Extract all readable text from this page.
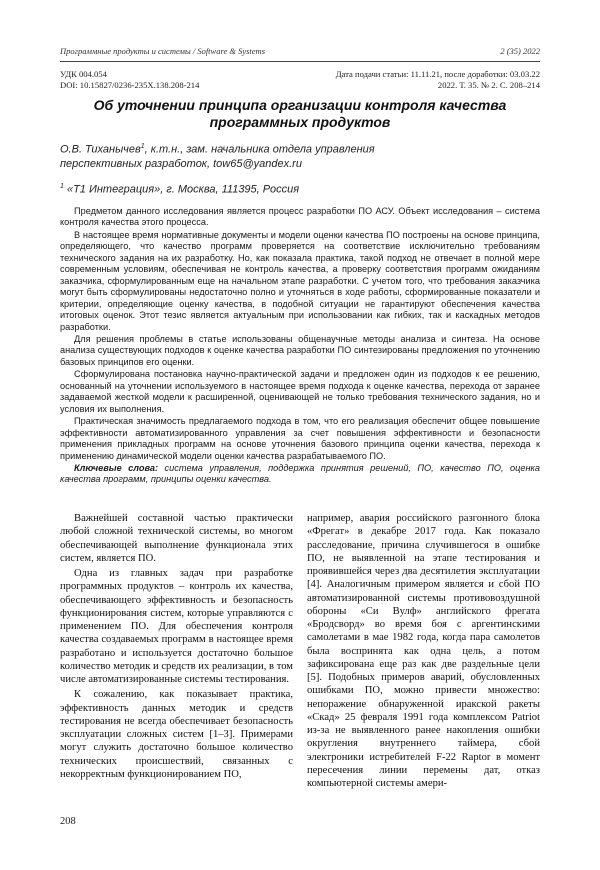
Программные продукты и системы / Software & Systems	2 (35) 2022
УДК 004.054
DOI: 10.15827/0236-235X.138.208-214
Дата подачи статьи: 11.11.21, после доработки: 03.03.22
2022. Т. 35. № 2. С. 208–214
Об уточнении принципа организации контроля качества программных продуктов
О.В. Тиханычев$^1$, к.т.н., зам. начальника отдела управления перспективных разработок, tow65@yandex.ru
$^1$ «Т1 Интеграция», г. Москва, 111395, Россия

Предметом данного исследования является процесс разработки ПО АСУ. Объект исследования – система контроля качества этого процесса.

В настоящее время нормативные документы и модели оценки качества ПО построены на основе принципа, определяющего, что качество программ проверяется на соответствие исключительно требованиям технического задания на их разработку. Но, как показала практика, такой подход не отвечает в полной мере современным условиям, обеспечивая не контроль качества, а проверку соответствия программ ожиданиям заказчика, сформулированным еще на начальном этапе разработки. С учетом того, что требования заказчика могут быть сформулированы недостаточно полно и уточняться в ходе работы, сформированные показатели и критерии, определяющие оценку качества, в подобной ситуации не гарантируют обеспечения качества итоговых оценок. Этот тезис является актуальным при использовании как гибких, так и каскадных методов разработки.

Для решения проблемы в статье использованы общенаучные методы анализа и синтеза. На основе анализа существующих подходов к оценке качества разработки ПО синтезированы предложения по уточнению базовых принципов его оценки.

Сформулирована постановка научно-практической задачи и предложен один из подходов к ее решению, основанный на уточнении используемого в настоящее время подхода к оценке качества, перехода от заранее задаваемой жесткой модели к расширенной, оценивающей не только требования технического задания, но и условия их выполнения.

Практическая значимость предлагаемого подхода в том, что его реализация обеспечит общее повышение эффективности автоматизированного управления за счет повышения эффективности и безопасности применения прикладных программ на основе уточнения базового принципа оценки качества, перехода к применению динамической модели оценки качества разрабатываемого ПО.

Ключевые слова: система управления, поддержка принятия решений, ПО, качество ПО, оценка качества программ, принципы оценки качества.

Важнейшей составной частью практически любой сложной технической системы, во многом обеспечивающей выполнение функционала этих систем, является ПО.

Одна из главных задач при разработке программных продуктов – контроль их качества, обеспечивающего эффективность и безопасность функционирования систем, которые управляются с применением ПО. Для обеспечения контроля качества создаваемых программ в настоящее время разработано и используется достаточно большое количество методик и средств их реализации, в том числе автоматизированные системы тестирования.

К сожалению, как показывает практика, эффективность данных методик и средств тестирования не всегда обеспечивает безопасность эксплуатации сложных систем [1–3]. Примерами могут служить достаточно большое количество технических происшествий, связанных с некорректным функционированием ПО,

например, авария российского разгонного блока «Фрегат» в декабре 2017 года. Как показало расследование, причина случившегося в ошибке ПО, не выявленной на этапе тестирования и проявившейся через два десятилетия эксплуатации [4]. Аналогичным примером является и сбой ПО автоматизированной системы противовоздушной обороны «Си Вулф» английского фрегата «Бродсворд» во время боя с аргентинскими самолетами в мае 1982 года, когда пара самолетов была воспринята как одна цель, а потом зафиксирована еще раз как две раздельные цели [5]. Подобных примеров аварий, обусловленных ошибками ПО, можно привести множество: непоражение обнаруженной иракской ракеты «Скад» 25 февраля 1991 года комплексом Patriot из-за не выявленного ранее накопления ошибки округления внутреннего таймера, сбой электроники истребителей F-22 Raptor в момент пересечения линии перемены дат, отказ компьютерной системы амери-

208
